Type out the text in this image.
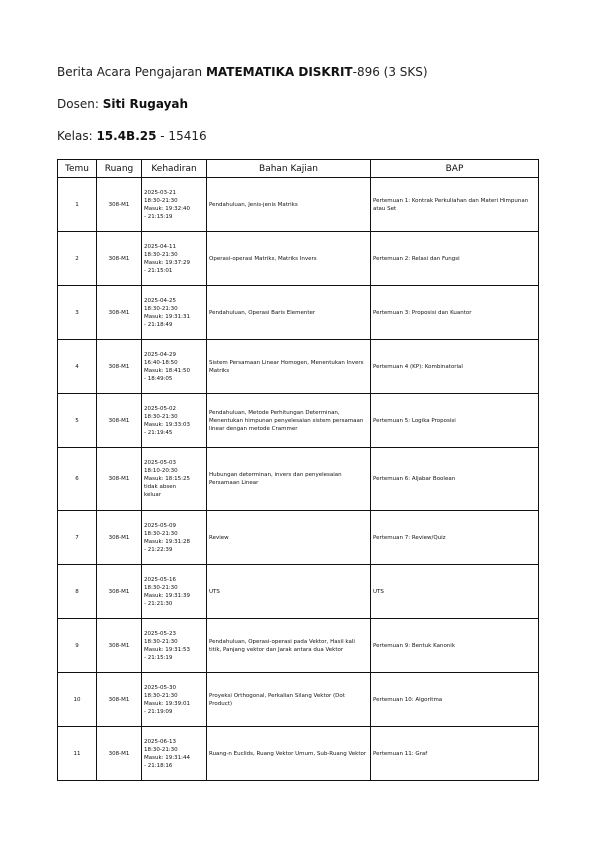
Berita Acara Pengajaran MATEMATIKA DISKRIT-896 (3 SKS)
Dosen: Siti Rugayah
Kelas: 15.4B.25 - 15416
Temu	Ruang	Kehadiran	Bahan Kajian	BAP
1	308-M1	2025-03-21
18:30-21:30
Masuk: 19:32:40
- 21:15:19	Pendahuluan, Jenis-jenis Matriks	Pertemuan 1: Kontrak Perkuliahan dan Materi Himpunan atau Set
2	308-M1	2025-04-11
18:30-21:30
Masuk: 19:37:29
- 21:15:01	Operasi-operasi Matriks, Matriks Invers	Pertemuan 2: Relasi dan Fungsi
3	308-M1	2025-04-25
18:30-21:30
Masuk: 19:31:31
- 21:18:49	Pendahuluan, Operasi Baris Elementer	Pertemuan 3: Proposisi dan Kuantor
4	308-M1	2025-04-29
16:40-18:50
Masuk: 18:41:50
- 18:49:05	Sistem Persamaan Linear Homogen, Menentukan Invers Matriks	Pertemuan 4 (KP): Kombinatorial
5	308-M1	2025-05-02
18:30-21:30
Masuk: 19:33:03
- 21:19:45	Pendahuluan, Metode Perhitungan Determinan, Menentukan himpunan penyelesaian sistem persamaan linear dengan metode Crammer	Pertemuan 5: Logika Proposisi
6	308-M1	2025-05-03
18:10-20:30
Masuk: 18:15:25
tidak absen
keluar	Hubungan determinan, invers dan penyelesaian Persamaan Linear	Pertemuan 6: Aljabar Boolean
7	308-M1	2025-05-09
18:30-21:30
Masuk: 19:31:28
- 21:22:39	Review	Pertemuan 7: Review/Quiz
8	308-M1	2025-05-16
18:30-21:30
Masuk: 19:31:39
- 21:21:30	UTS	UTS
9	308-M1	2025-05-23
18:30-21:30
Masuk: 19:31:53
- 21:15:19	Pendahuluan, Operasi-operasi pada Vektor, Hasil kali titik, Panjang vektor dan Jarak antara dua Vektor	Pertemuan 9: Bentuk Kanonik
10	308-M1	2025-05-30
18:30-21:30
Masuk: 19:39:01
- 21:19:09	Proyeksi Orthogonal, Perkalian Silang Vektor (Dot Product)	Pertemuan 10: Algoritma
11	308-M1	2025-06-13
18:30-21:30
Masuk: 19:31:44
- 21:18:16	Ruang-n Euclids, Ruang Vektor Umum, Sub-Ruang Vektor	Pertemuan 11: Graf
